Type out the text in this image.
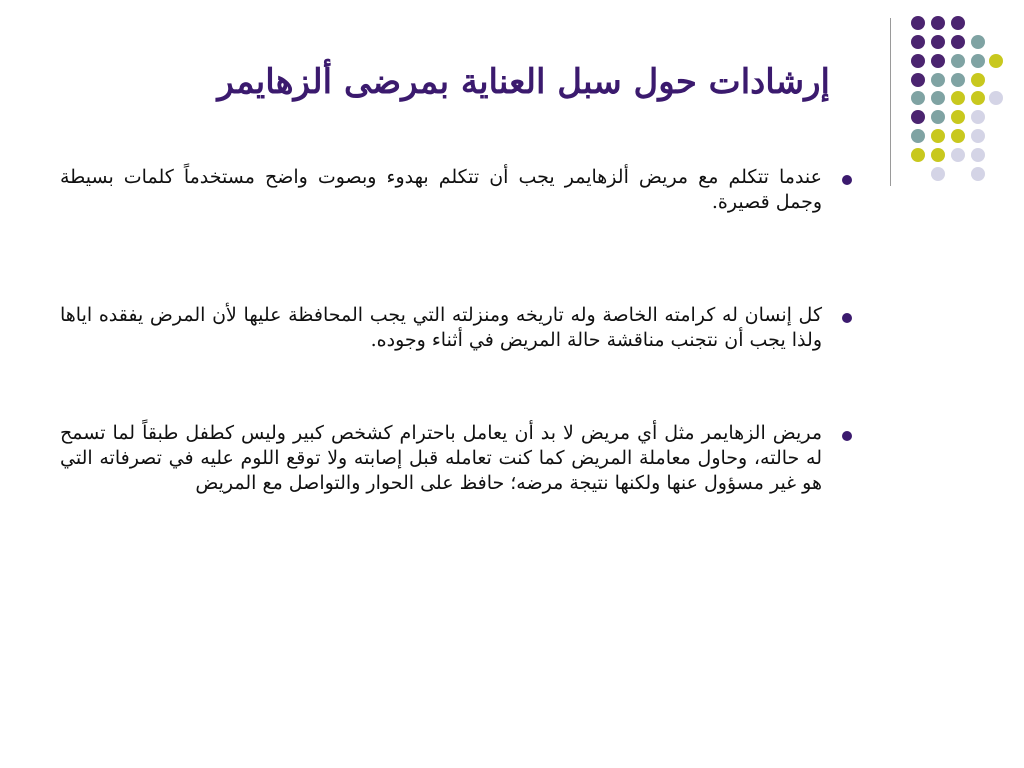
إرشادات حول سبل العناية بمرضى ألزهايمر
عندما تتكلم مع مريض ألزهايمر يجب أن تتكلم بهدوء وبصوت واضح مستخدماً كلمات بسيطة وجمل قصيرة.
كل إنسان له كرامته الخاصة وله تاريخه ومنزلته التي يجب المحافظة عليها لأن المرض يفقده اياها ولذا يجب أن نتجنب مناقشة حالة المريض في أثناء وجوده.
مريض الزهايمر مثل أي مريض لا بد أن يعامل باحترام كشخص كبير وليس كطفل طبقاً لما تسمح له حالته، وحاول معاملة المريض كما كنت تعامله قبل إصابته ولا توقع اللوم عليه في تصرفاته التي هو غير مسؤول عنها ولكنها نتيجة مرضه؛ حافظ على الحوار والتواصل مع المريض
